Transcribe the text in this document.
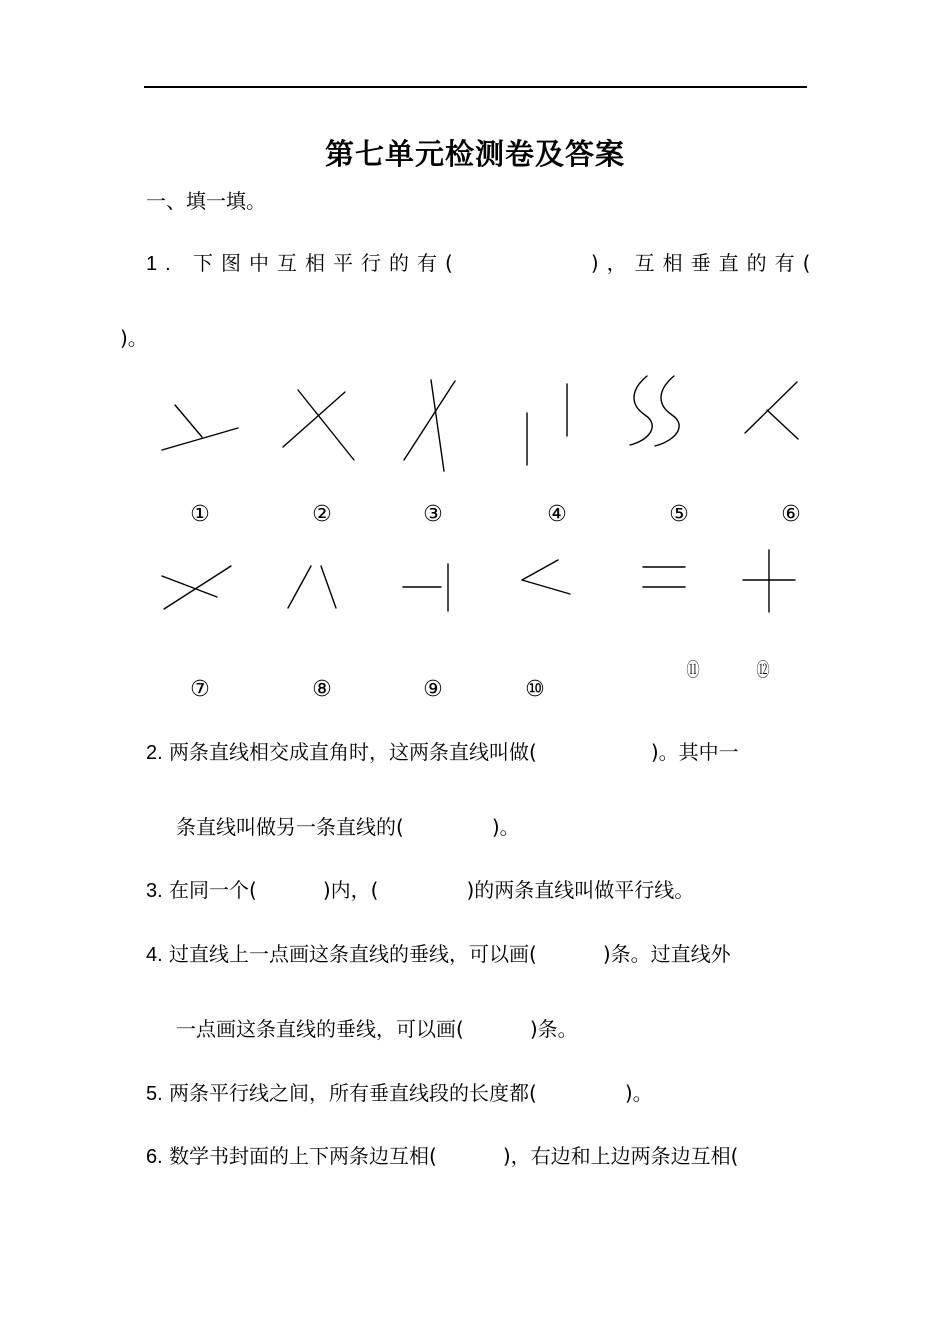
第七单元检测卷及答案
一、填一填。
1. 下图中互相平行的有(	)，互相垂直的有(
)。
①	②	③	④	⑤	⑥
⑦	⑧	⑨	⑩
⑪	⑫
2. 两条直线相交成直角时，这两条直线叫做(	)。其中一
条直线叫做另一条直线的(	)。
3. 在同一个(	)内，(	)的两条直线叫做平行线。
4. 过直线上一点画这条直线的垂线，可以画(	)条。过直线外
一点画这条直线的垂线，可以画(	)条。
5. 两条平行线之间，所有垂直线段的长度都(	)。
6. 数学书封面的上下两条边互相(	)，右边和上边两条边互相(
